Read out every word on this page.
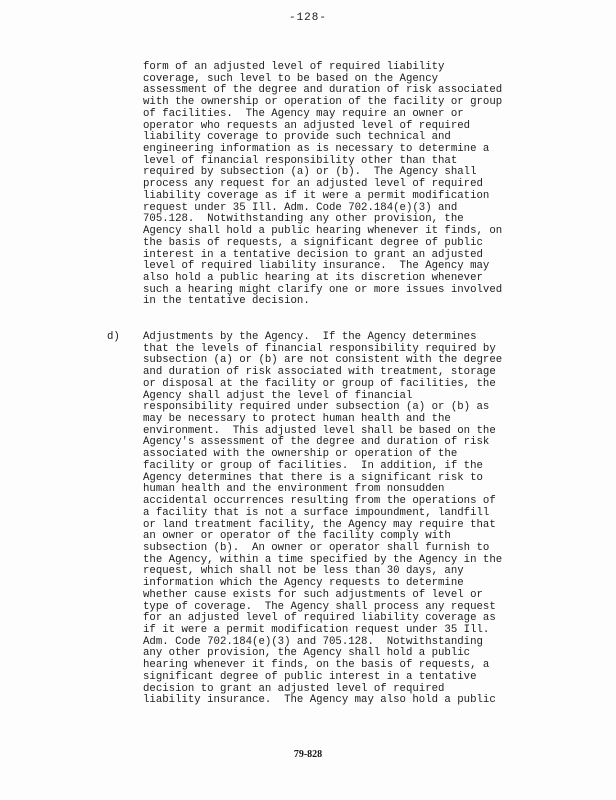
-128-
form of an adjusted level of required liability
coverage, such level to be based on the Agency
assessment of the degree and duration of risk associated
with the ownership or operation of the facility or group
of facilities.  The Agency may require an owner or
operator who requests an adjusted level of required
liability coverage to provide such technical and
engineering information as is necessary to determine a
level of financial responsibility other than that
required by subsection (a) or (b).  The Agency shall
process any request for an adjusted level of required
liability coverage as if it were a permit modification
request under 35 Ill. Adm. Code 702.184(e)(3) and
705.128.  Notwithstanding any other provision, the
Agency shall hold a public hearing whenever it finds, on
the basis of requests, a significant degree of public
interest in a tentative decision to grant an adjusted
level of required liability insurance.  The Agency may
also hold a public hearing at its discretion whenever
such a hearing might clarify one or more issues involved
in the tentative decision.
d) Adjustments by the Agency.  If the Agency determines
that the levels of financial responsibility required by
subsection (a) or (b) are not consistent with the degree
and duration of risk associated with treatment, storage
or disposal at the facility or group of facilities, the
Agency shall adjust the level of financial
responsibility required under subsection (a) or (b) as
may be necessary to protect human health and the
environment.  This adjusted level shall be based on the
Agency's assessment of the degree and duration of risk
associated with the ownership or operation of the
facility or group of facilities.  In addition, if the
Agency determines that there is a significant risk to
human health and the environment from nonsudden
accidental occurrences resulting from the operations of
a facility that is not a surface impoundment, landfill
or land treatment facility, the Agency may require that
an owner or operator of the facility comply with
subsection (b).  An owner or operator shall furnish to
the Agency, within a time specified by the Agency in the
request, which shall not be less than 30 days, any
information which the Agency requests to determine
whether cause exists for such adjustments of level or
type of coverage.  The Agency shall process any request
for an adjusted level of required liability coverage as
if it were a permit modification request under 35 Ill.
Adm. Code 702.184(e)(3) and 705.128.  Notwithstanding
any other provision, the Agency shall hold a public
hearing whenever it finds, on the basis of requests, a
significant degree of public interest in a tentative
decision to grant an adjusted level of required
liability insurance.  The Agency may also hold a public
79-828
